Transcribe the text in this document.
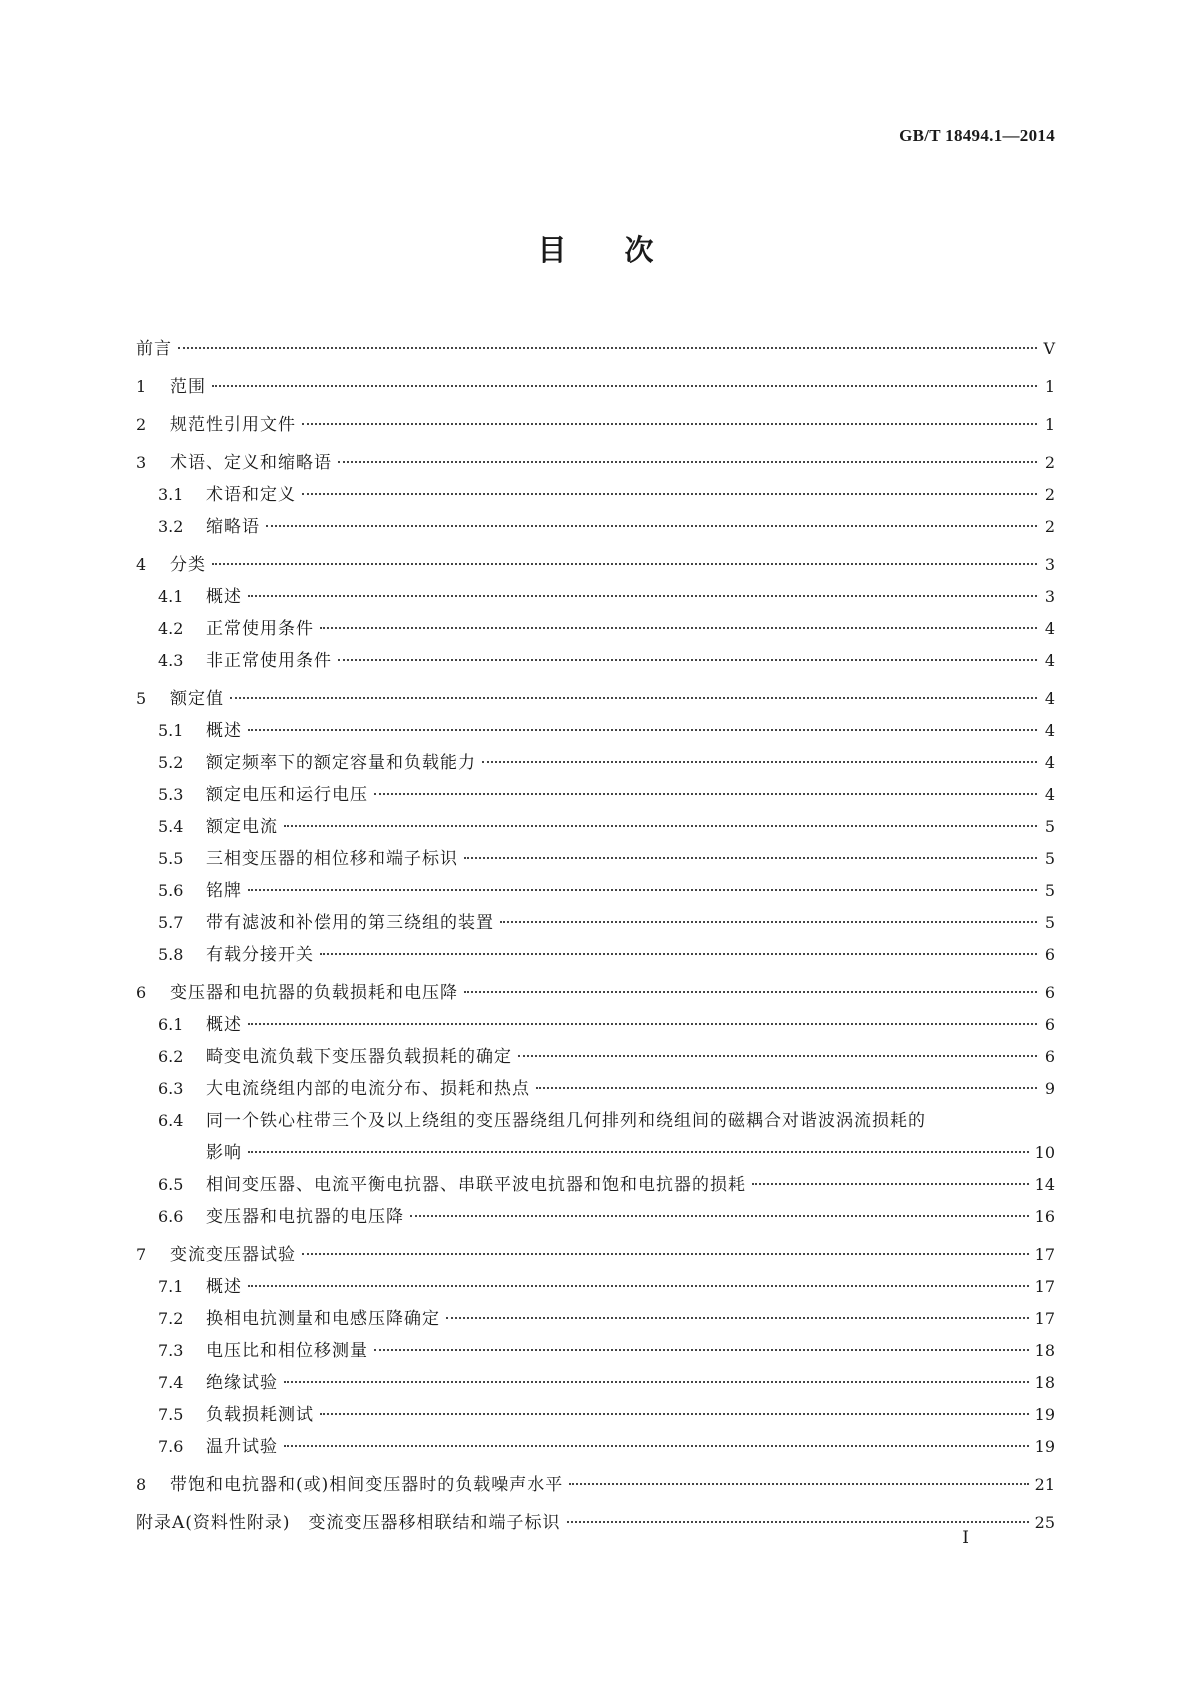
GB/T 18494.1—2014
目次
前言	Ⅴ
1	范围	1
2	规范性引用文件	1
3	术语、定义和缩略语	2
3.1	术语和定义	2
3.2	缩略语	2
4	分类	3
4.1	概述	3
4.2	正常使用条件	4
4.3	非正常使用条件	4
5	额定值	4
5.1	概述	4
5.2	额定频率下的额定容量和负载能力	4
5.3	额定电压和运行电压	4
5.4	额定电流	5
5.5	三相变压器的相位移和端子标识	5
5.6	铭牌	5
5.7	带有滤波和补偿用的第三绕组的装置	5
5.8	有载分接开关	6
6	变压器和电抗器的负载损耗和电压降	6
6.1	概述	6
6.2	畸变电流负载下变压器负载损耗的确定	6
6.3	大电流绕组内部的电流分布、损耗和热点	9
6.4	同一个铁心柱带三个及以上绕组的变压器绕组几何排列和绕组间的磁耦合对谐波涡流损耗的
影响	10
6.5	相间变压器、电流平衡电抗器、串联平波电抗器和饱和电抗器的损耗	14
6.6	变压器和电抗器的电压降	16
7	变流变压器试验	17
7.1	概述	17
7.2	换相电抗测量和电感压降确定	17
7.3	电压比和相位移测量	18
7.4	绝缘试验	18
7.5	负载损耗测试	19
7.6	温升试验	19
8	带饱和电抗器和(或)相间变压器时的负载噪声水平	21
附录A(资料性附录)　变流变压器移相联结和端子标识	25
Ⅰ
